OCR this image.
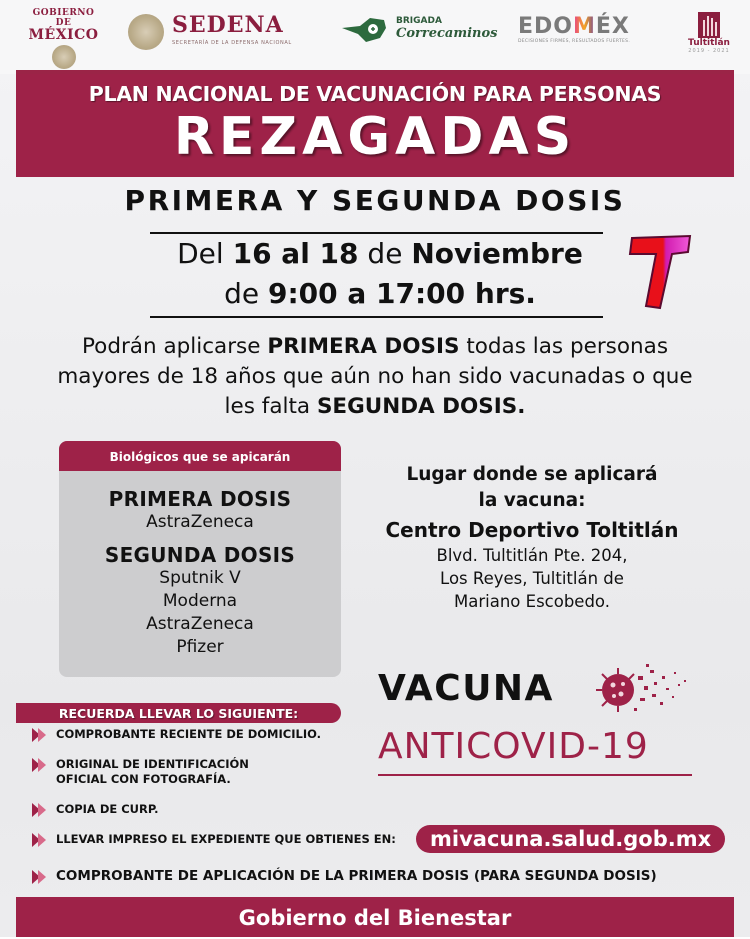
GOBIERNO DE
MÉXICO	SEDENA
SECRETARÍA DE LA DEFENSA NACIONAL
BRIGADA
Correcaminos EDOMÉX
DECISIONES FIRMES, RESULTADOS FUERTES.	Tultitlán
2019 - 2021
PLAN NACIONAL DE VACUNACIÓN PARA PERSONAS
REZAGADAS
PRIMERA Y SEGUNDA DOSIS
Del 16 al 18 de Noviembre
de 9:00 a 17:00 hrs.
Podrán aplicarse PRIMERA DOSIS todas las personas mayores de 18 años que aún no han sido vacunadas o que les falta SEGUNDA DOSIS.
Biológicos que se apicarán
PRIMERA DOSIS
AstraZeneca
SEGUNDA DOSIS
Sputnik V
Moderna
AstraZeneca
Pfizer
Lugar donde se aplicará
la vacuna:
Centro Deportivo Toltitlán
Blvd. Tultitlán Pte. 204,
Los Reyes, Tultitlán de
Mariano Escobedo.
VACUNA
ANTICOVID-19
RECUERDA LLEVAR LO SIGUIENTE:
COMPROBANTE RECIENTE DE DOMICILIO.
ORIGINAL DE IDENTIFICACIÓN
OFICIAL CON FOTOGRAFÍA.
COPIA DE CURP.
LLEVAR IMPRESO EL EXPEDIENTE QUE OBTIENES EN:	mivacuna.salud.gob.mx
COMPROBANTE DE APLICACIÓN DE LA PRIMERA DOSIS (PARA SEGUNDA DOSIS)
Gobierno del Bienestar
